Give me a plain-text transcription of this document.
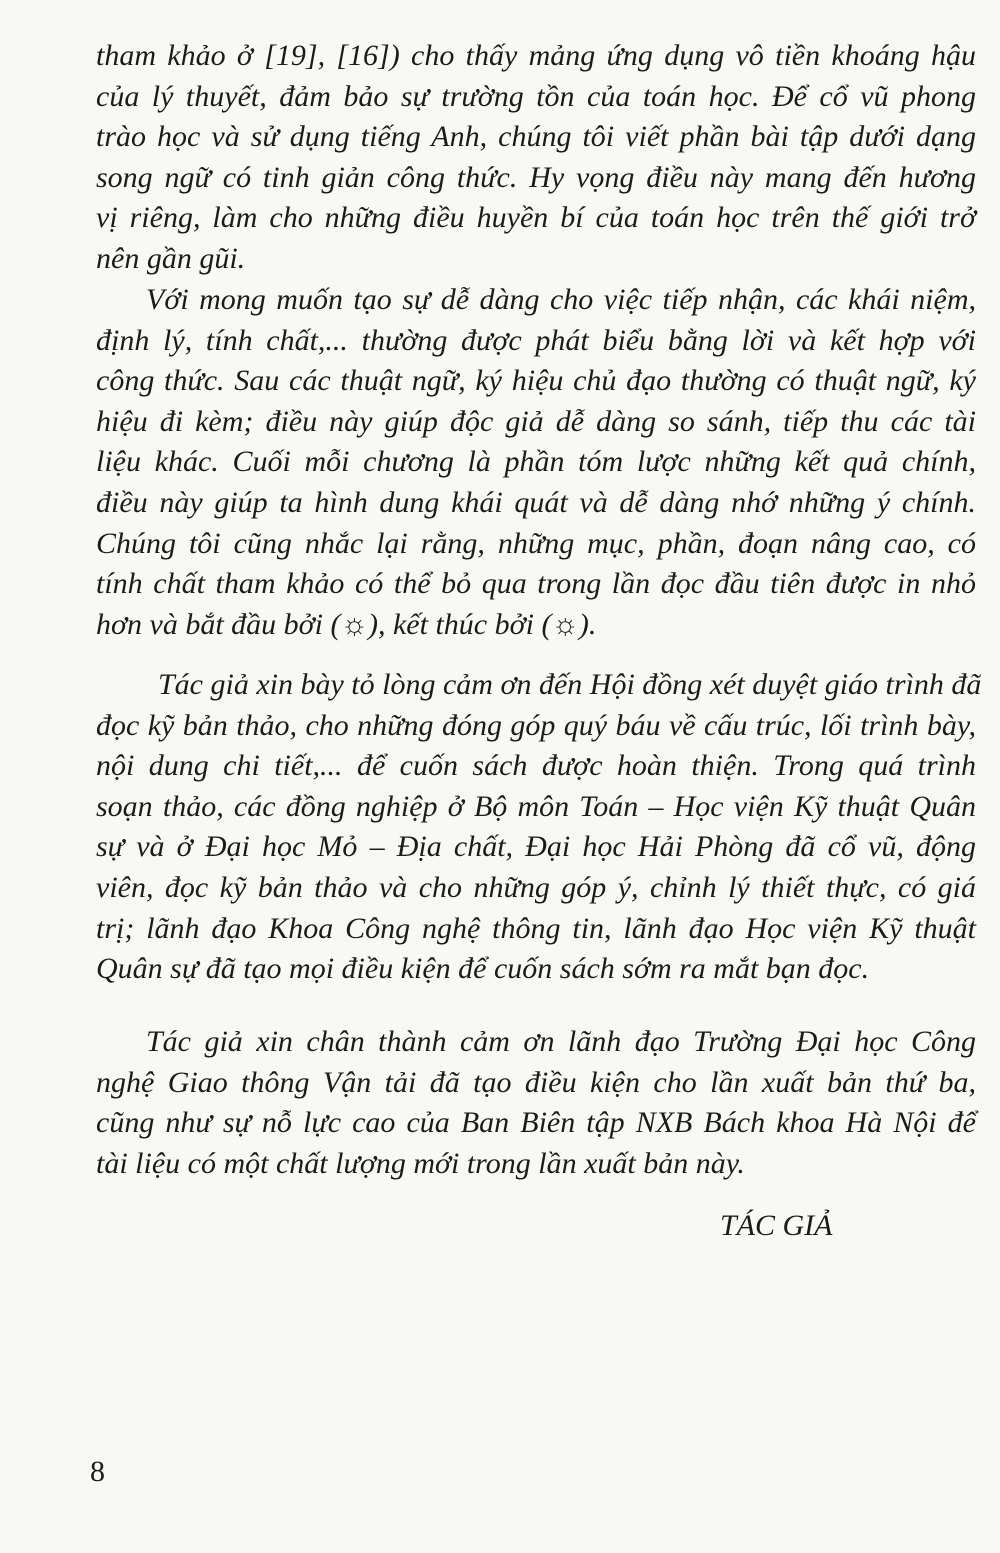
tham khảo ở [19], [16]) cho thấy mảng ứng dụng vô tiền khoáng hậu
của lý thuyết, đảm bảo sự trường tồn của toán học. Để cổ vũ phong
trào học và sử dụng tiếng Anh, chúng tôi viết phần bài tập dưới dạng
song ngữ có tinh giản công thức. Hy vọng điều này mang đến hương
vị riêng, làm cho những điều huyền bí của toán học trên thế giới trở
nên gần gũi.
Với mong muốn tạo sự dễ dàng cho việc tiếp nhận, các khái niệm,
định lý, tính chất,... thường được phát biểu bằng lời và kết hợp với
công thức. Sau các thuật ngữ, ký hiệu chủ đạo thường có thuật ngữ, ký
hiệu đi kèm; điều này giúp độc giả dễ dàng so sánh, tiếp thu các tài
liệu khác. Cuối mỗi chương là phần tóm lược những kết quả chính,
điều này giúp ta hình dung khái quát và dễ dàng nhớ những ý chính.
Chúng tôi cũng nhắc lại rằng, những mục, phần, đoạn nâng cao, có
tính chất tham khảo có thể bỏ qua trong lần đọc đầu tiên được in nhỏ
hơn và bắt đầu bởi (☼), kết thúc bởi (☼).
Tác giả xin bày tỏ lòng cảm ơn đến Hội đồng xét duyệt giáo trình đã
đọc kỹ bản thảo, cho những đóng góp quý báu về cấu trúc, lối trình bày,
nội dung chi tiết,... để cuốn sách được hoàn thiện. Trong quá trình
soạn thảo, các đồng nghiệp ở Bộ môn Toán – Học viện Kỹ thuật Quân
sự và ở Đại học Mỏ – Địa chất, Đại học Hải Phòng đã cổ vũ, động
viên, đọc kỹ bản thảo và cho những góp ý, chỉnh lý thiết thực, có giá
trị; lãnh đạo Khoa Công nghệ thông tin, lãnh đạo Học viện Kỹ thuật
Quân sự đã tạo mọi điều kiện để cuốn sách sớm ra mắt bạn đọc.
Tác giả xin chân thành cảm ơn lãnh đạo Trường Đại học Công
nghệ Giao thông Vận tải đã tạo điều kiện cho lần xuất bản thứ ba,
cũng như sự nỗ lực cao của Ban Biên tập NXB Bách khoa Hà Nội để
tài liệu có một chất lượng mới trong lần xuất bản này.
TÁC GIẢ
8
